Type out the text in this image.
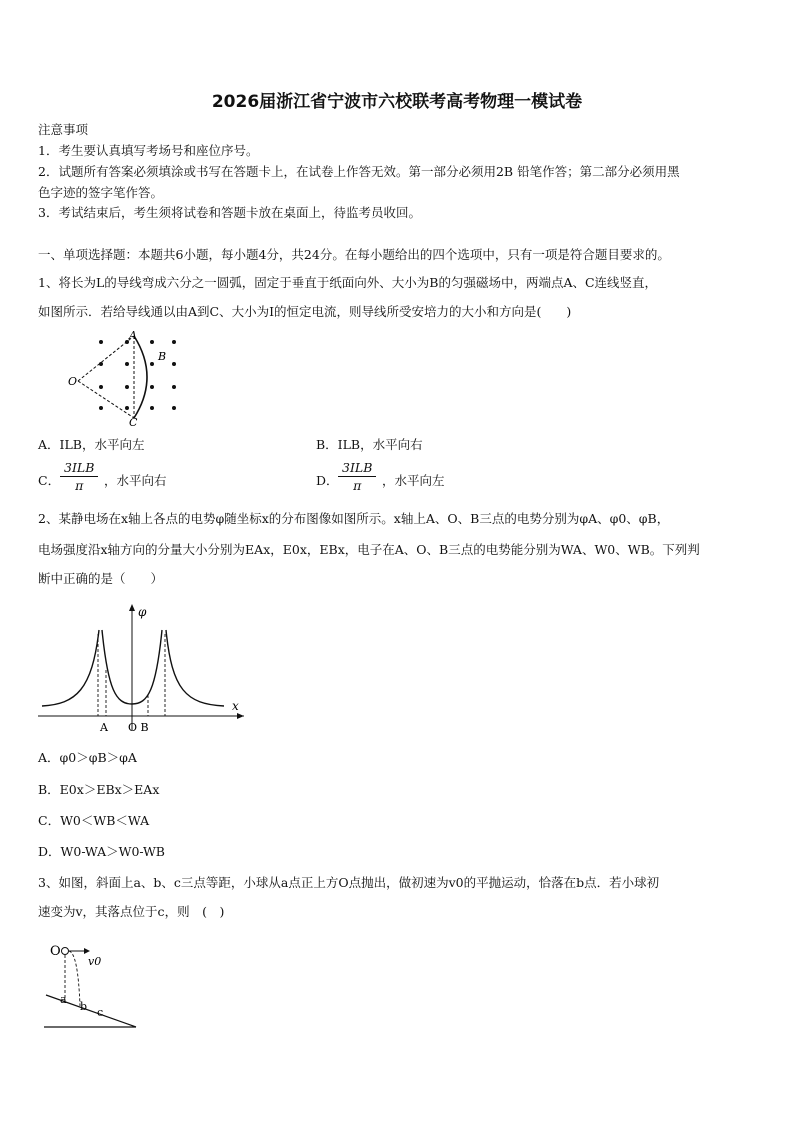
2026届浙江省宁波市六校联考高考物理一模试卷
注意事项
1．考生要认真填写考场号和座位序号。
2．试题所有答案必须填涂或书写在答题卡上，在试卷上作答无效。第一部分必须用2B 铅笔作答；第二部分必须用黑
色字迹的签字笔作答。
3．考试结束后，考生须将试卷和答题卡放在桌面上，待监考员收回。
一、单项选择题：本题共6小题，每小题4分，共24分。在每小题给出的四个选项中，只有一项是符合题目要求的。
1、将长为L的导线弯成六分之一圆弧，固定于垂直于纸面向外、大小为B的匀强磁场中，两端点A、C连线竖直，
如图所示．若给导线通以由A到C、大小为I的恒定电流，则导线所受安培力的大小和方向是(　　)
O
A
B
C
A．ILB，水平向左	B．ILB，水平向右
C．
3ILB
π	，水平向右	D．
3ILB
π	，水平向左
2、某静电场在x轴上各点的电势φ随坐标x的分布图像如图所示。x轴上A、O、B三点的电势分别为φA、φ0、φB，
电场强度沿x轴方向的分量大小分别为EAx，E0x，EBx，电子在A、O、B三点的电势能分别为WA、W0、WB。下列判
断中正确的是（　　）
φ
x
A O B
A．φ0＞φB＞φA
B．E0x＞EBx＞EAx
C．W0＜WB＜WA
D．W0-WA＞W0-WB
3、如图，斜面上a、b、c三点等距，小球从a点正上方O点抛出，做初速为v0的平抛运动，恰落在b点．若小球初
速变为v，其落点位于c，则　(　)
O
v0
a
b c
